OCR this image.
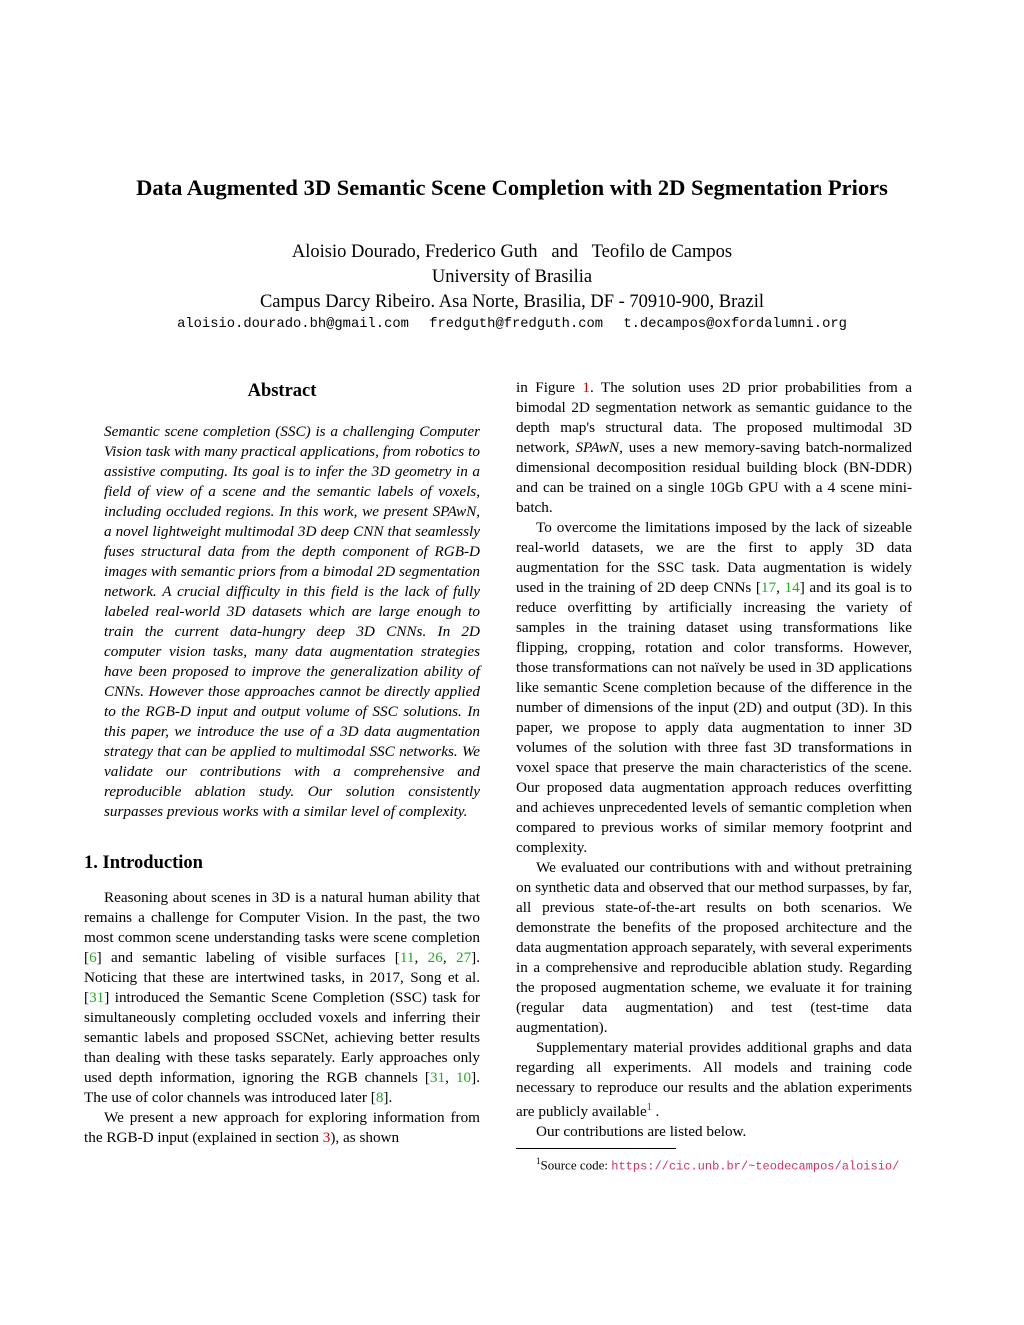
Data Augmented 3D Semantic Scene Completion with 2D Segmentation Priors
Aloisio Dourado, Frederico Guth   and   Teofilo de Campos
University of Brasilia
Campus Darcy Ribeiro. Asa Norte, Brasilia, DF - 70910-900, Brazil
aloisio.dourado.bh@gmail.com fredguth@fredguth.com t.decampos@oxfordalumni.org
Abstract

Semantic scene completion (SSC) is a challenging Computer Vision task with many practical applications, from robotics to assistive computing. Its goal is to infer the 3D geometry in a field of view of a scene and the semantic labels of voxels, including occluded regions. In this work, we present SPAwN, a novel lightweight multimodal 3D deep CNN that seamlessly fuses structural data from the depth component of RGB-D images with semantic priors from a bimodal 2D segmentation network. A crucial difficulty in this field is the lack of fully labeled real-world 3D datasets which are large enough to train the current data-hungry deep 3D CNNs. In 2D computer vision tasks, many data augmentation strategies have been proposed to improve the generalization ability of CNNs. However those approaches cannot be directly applied to the RGB-D input and output volume of SSC solutions. In this paper, we introduce the use of a 3D data augmentation strategy that can be applied to multimodal SSC networks. We validate our contributions with a comprehensive and reproducible ablation study. Our solution consistently surpasses previous works with a similar level of complexity.

1. Introduction

Reasoning about scenes in 3D is a natural human ability that remains a challenge for Computer Vision. In the past, the two most common scene understanding tasks were scene completion [6] and semantic labeling of visible surfaces [11, 26, 27]. Noticing that these are intertwined tasks, in 2017, Song et al. [31] introduced the Semantic Scene Completion (SSC) task for simultaneously completing occluded voxels and inferring their semantic labels and proposed SSCNet, achieving better results than dealing with these tasks separately. Early approaches only used depth information, ignoring the RGB channels [31, 10]. The use of color channels was introduced later [8].

We present a new approach for exploring information from the RGB-D input (explained in section 3), as shown

in Figure 1. The solution uses 2D prior probabilities from a bimodal 2D segmentation network as semantic guidance to the depth map's structural data. The proposed multimodal 3D network, SPAwN, uses a new memory-saving batch-normalized dimensional decomposition residual building block (BN-DDR) and can be trained on a single 10Gb GPU with a 4 scene mini-batch.

To overcome the limitations imposed by the lack of sizeable real-world datasets, we are the first to apply 3D data augmentation for the SSC task. Data augmentation is widely used in the training of 2D deep CNNs [17, 14] and its goal is to reduce overfitting by artificially increasing the variety of samples in the training dataset using transformations like flipping, cropping, rotation and color transforms. However, those transformations can not naïvely be used in 3D applications like semantic Scene completion because of the difference in the number of dimensions of the input (2D) and output (3D). In this paper, we propose to apply data augmentation to inner 3D volumes of the solution with three fast 3D transformations in voxel space that preserve the main characteristics of the scene. Our proposed data augmentation approach reduces overfitting and achieves unprecedented levels of semantic completion when compared to previous works of similar memory footprint and complexity.

We evaluated our contributions with and without pretraining on synthetic data and observed that our method surpasses, by far, all previous state-of-the-art results on both scenarios. We demonstrate the benefits of the proposed architecture and the data augmentation approach separately, with several experiments in a comprehensive and reproducible ablation study. Regarding the proposed augmentation scheme, we evaluate it for training (regular data augmentation) and test (test-time data augmentation).

Supplementary material provides additional graphs and data regarding all experiments. All models and training code necessary to reproduce our results and the ablation experiments are publicly available$^1$ .

Our contributions are listed below.

$^1$Source code: https://cic.unb.br/~teodecampos/aloisio/
